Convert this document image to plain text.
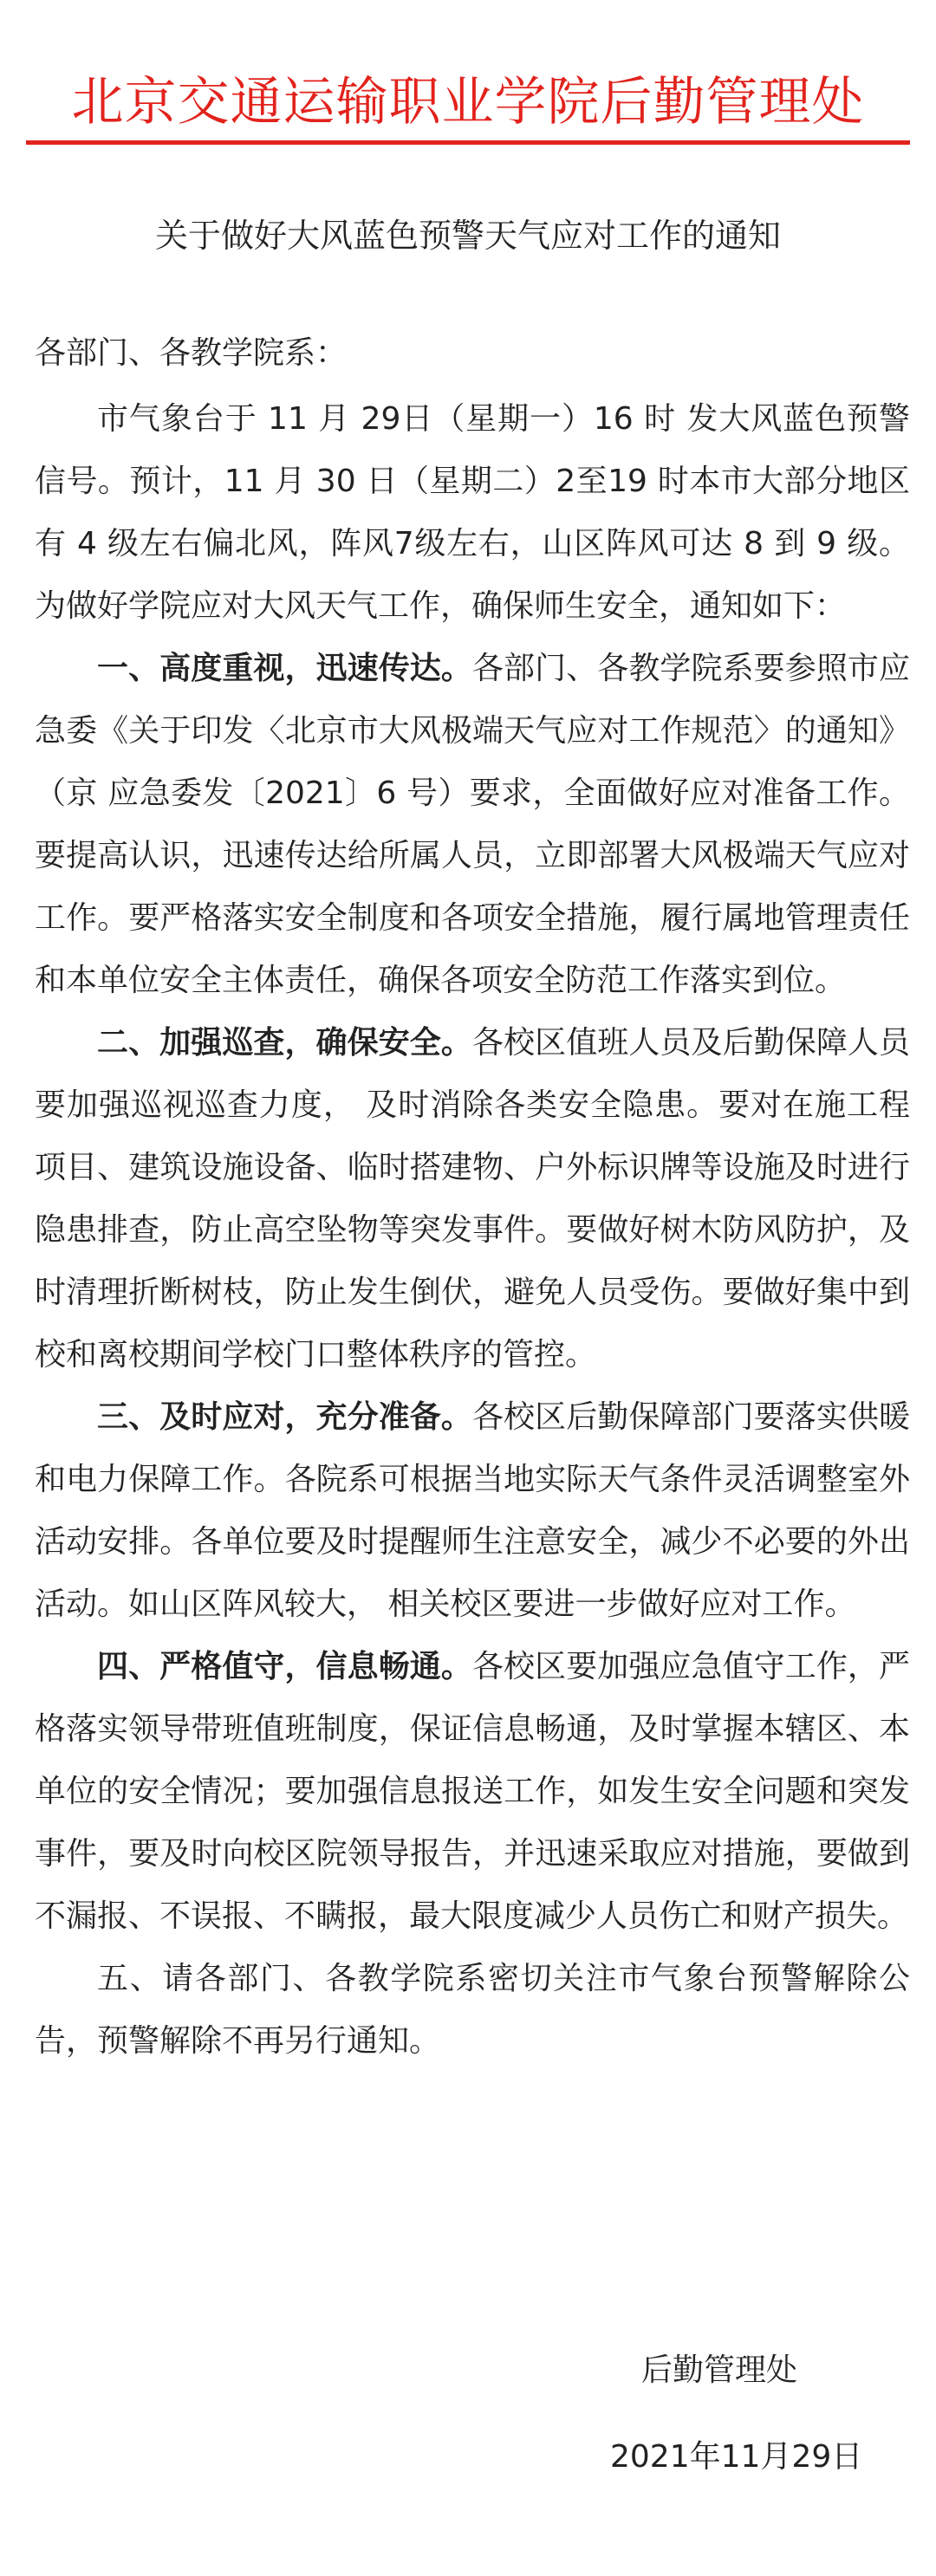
北京交通运输职业学院后勤管理处
关于做好大风蓝色预警天气应对工作的通知
各部门、各教学院系：

市气象台于 11 月 29日（星期一）16 时 发大风蓝色预警信号。预计，11 月 30 日（星期二）2至19 时本市大部分地区有 4 级左右偏北风，阵风7级左右，山区阵风可达 8 到 9 级。为做好学院应对大风天气工作，确保师生安全，通知如下：

一、高度重视，迅速传达。各部门、各教学院系要参照市应急委《关于印发〈北京市大风极端天气应对工作规范〉的通知》（京 应急委发〔2021〕6 号）要求，全面做好应对准备工作。要提高认识，迅速传达给所属人员，立即部署大风极端天气应对工作。要严格落实安全制度和各项安全措施，履行属地管理责任和本单位安全主体责任，确保各项安全防范工作落实到位。

二、加强巡查，确保安全。各校区值班人员及后勤保障人员要加强巡视巡查力度， 及时消除各类安全隐患。要对在施工程项目、建筑设施设备、临时搭建物、户外标识牌等设施及时进行隐患排查，防止高空坠物等突发事件。要做好树木防风防护，及时清理折断树枝，防止发生倒伏，避免人员受伤。要做好集中到校和离校期间学校门口整体秩序的管控。

三、及时应对，充分准备。各校区后勤保障部门要落实供暖和电力保障工作。各院系可根据当地实际天气条件灵活调整室外活动安排。各单位要及时提醒师生注意安全，减少不必要的外出活动。如山区阵风较大， 相关校区要进一步做好应对工作。

四、严格值守，信息畅通。各校区要加强应急值守工作，严格落实领导带班值班制度，保证信息畅通，及时掌握本辖区、本单位的安全情况；要加强信息报送工作，如发生安全问题和突发事件，要及时向校区院领导报告，并迅速采取应对措施，要做到不漏报、不误报、不瞒报，最大限度减少人员伤亡和财产损失。

五、请各部门、各教学院系密切关注市气象台预警解除公告，预警解除不再另行通知。

后勤管理处
2021年11月29日
